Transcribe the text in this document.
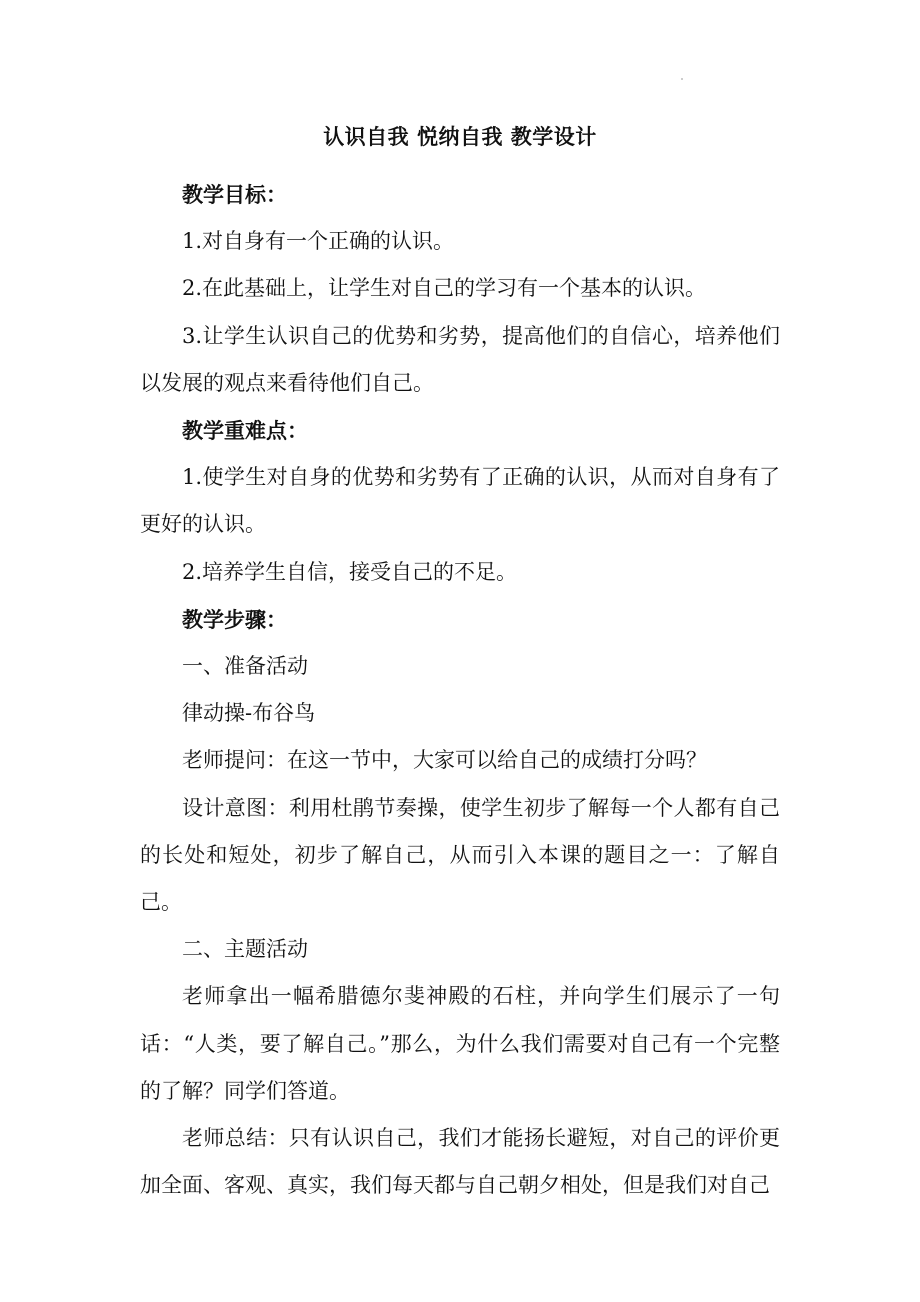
认识自我 悦纳自我 教学设计

教学目标：

1.对自身有一个正确的认识。

2.在此基础上，让学生对自己的学习有一个基本的认识。

3.让学生认识自己的优势和劣势，提高他们的自信心，培养他们以发展的观点来看待他们自己。

教学重难点：

1.使学生对自身的优势和劣势有了正确的认识，从而对自身有了更好的认识。

2.培养学生自信，接受自己的不足。

教学步骤：

一、准备活动

律动操-布谷鸟

老师提问：在这一节中，大家可以给自己的成绩打分吗？

设计意图：利用杜鹃节奏操，使学生初步了解每一个人都有自己的长处和短处，初步了解自己，从而引入本课的题目之一：了解自己。

二、主题活动

老师拿出一幅希腊德尔斐神殿的石柱，并向学生们展示了一句话：“人类，要了解自己。”那么，为什么我们需要对自己有一个完整的了解？同学们答道。

老师总结：只有认识自己，我们才能扬长避短，对自己的评价更加全面、客观、真实，我们每天都与自己朝夕相处，但是我们对自己
